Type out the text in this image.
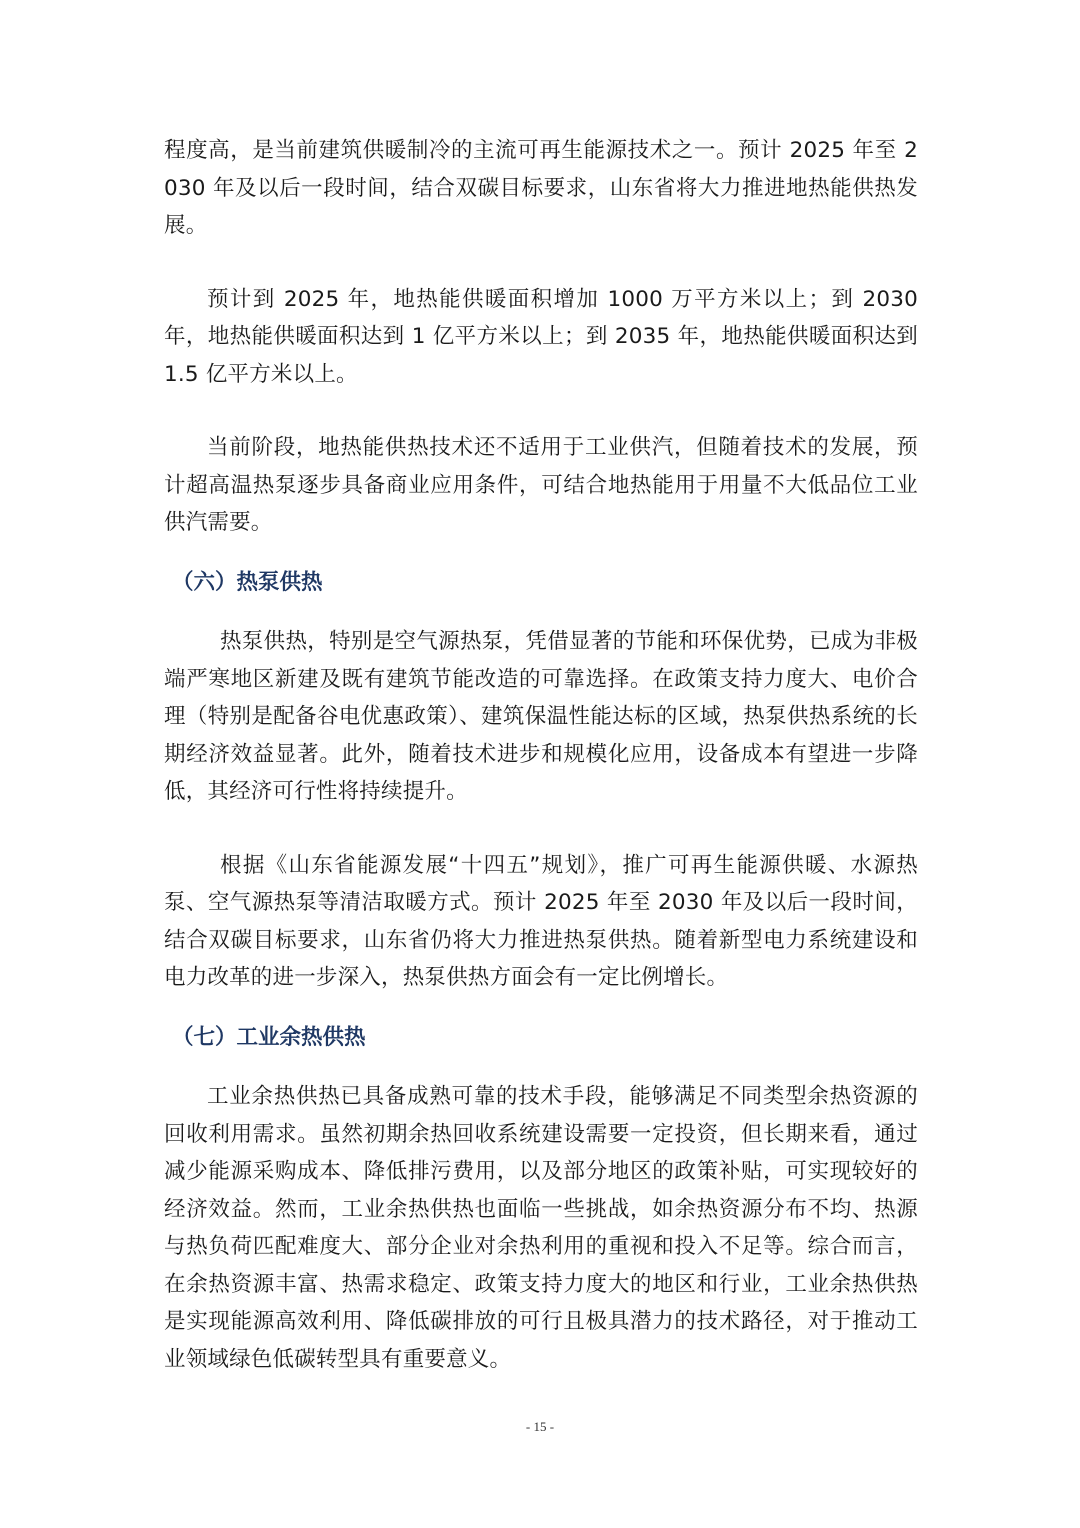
程度高，是当前建筑供暖制冷的主流可再生能源技术之一。预计 2025 年至 2030 年及以后一段时间，结合双碳目标要求，山东省将大力推进地热能供热发展。

预计到 2025 年，地热能供暖面积增加 1000 万平方米以上；到 2030 年，地热能供暖面积达到 1 亿平方米以上；到 2035 年，地热能供暖面积达到 1.5 亿平方米以上。

当前阶段，地热能供热技术还不适用于工业供汽，但随着技术的发展，预计超高温热泵逐步具备商业应用条件，可结合地热能用于用量不大低品位工业供汽需要。

（六）热泵供热

热泵供热，特别是空气源热泵，凭借显著的节能和环保优势，已成为非极端严寒地区新建及既有建筑节能改造的可靠选择。在政策支持力度大、电价合理（特别是配备谷电优惠政策）、建筑保温性能达标的区域，热泵供热系统的长期经济效益显著。此外，随着技术进步和规模化应用，设备成本有望进一步降低，其经济可行性将持续提升。

根据《山东省能源发展“十四五”规划》，推广可再生能源供暖、水源热泵、空气源热泵等清洁取暖方式。预计 2025 年至 2030 年及以后一段时间，结合双碳目标要求，山东省仍将大力推进热泵供热。随着新型电力系统建设和电力改革的进一步深入，热泵供热方面会有一定比例增长。

（七）工业余热供热

工业余热供热已具备成熟可靠的技术手段，能够满足不同类型余热资源的回收利用需求。虽然初期余热回收系统建设需要一定投资，但长期来看，通过减少能源采购成本、降低排污费用，以及部分地区的政策补贴，可实现较好的经济效益。然而，工业余热供热也面临一些挑战，如余热资源分布不均、热源与热负荷匹配难度大、部分企业对余热利用的重视和投入不足等。综合而言，在余热资源丰富、热需求稳定、政策支持力度大的地区和行业，工业余热供热是实现能源高效利用、降低碳排放的可行且极具潜力的技术路径，对于推动工业领域绿色低碳转型具有重要意义。

- 15 -
